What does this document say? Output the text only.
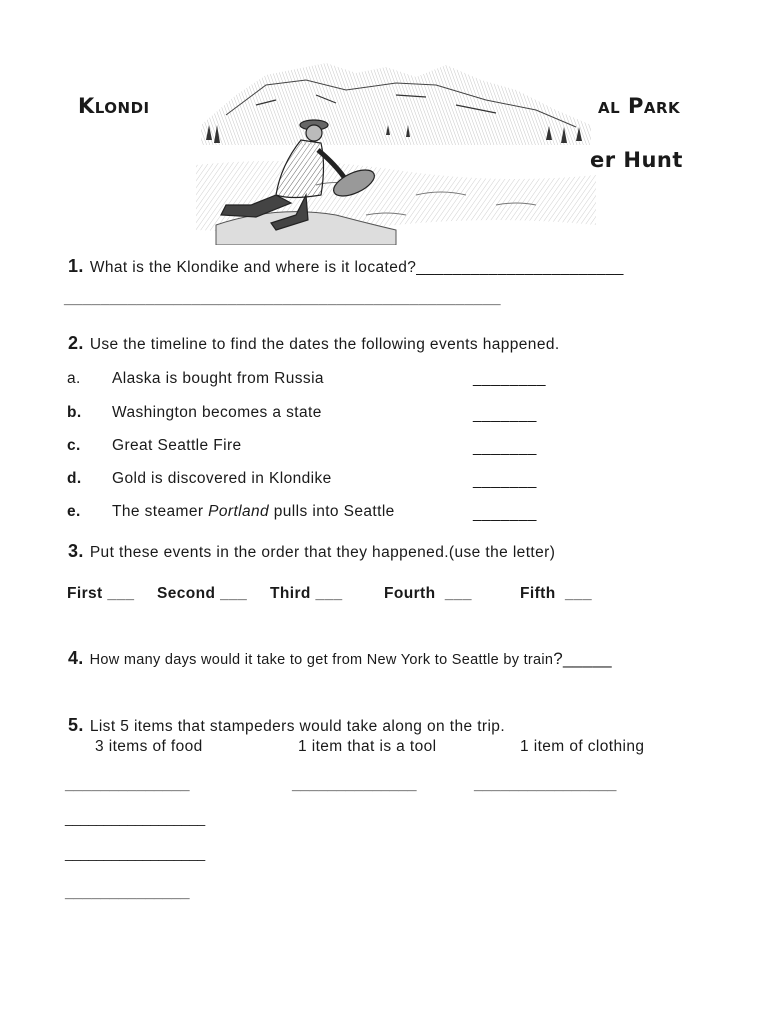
Klondi	al Park
er Hunt
1. What is the Klondike and where is it located?_______________________
________________________________________________
2. Use the timeline to find the dates the following events happened.
a. Alaska is bought from Russia	________
b. Washington becomes a state	_______
c. Great Seattle Fire	_______
d. Gold is discovered in Klondike	_______
e. The steamer Portland pulls into Seattle	_______
3. Put these events in the order that they happened.(use the letter)
First ___ Second ___ Third ___	Fourth ___	Fifth ___
4. How many days would it take to get from New York to Seattle by train?_____
5. List 5 items that stampeders would take along on the trip.
3 items of food	1 item that is a tool	1 item of clothing
______________	______________	________________
__________________
__________________
______________
